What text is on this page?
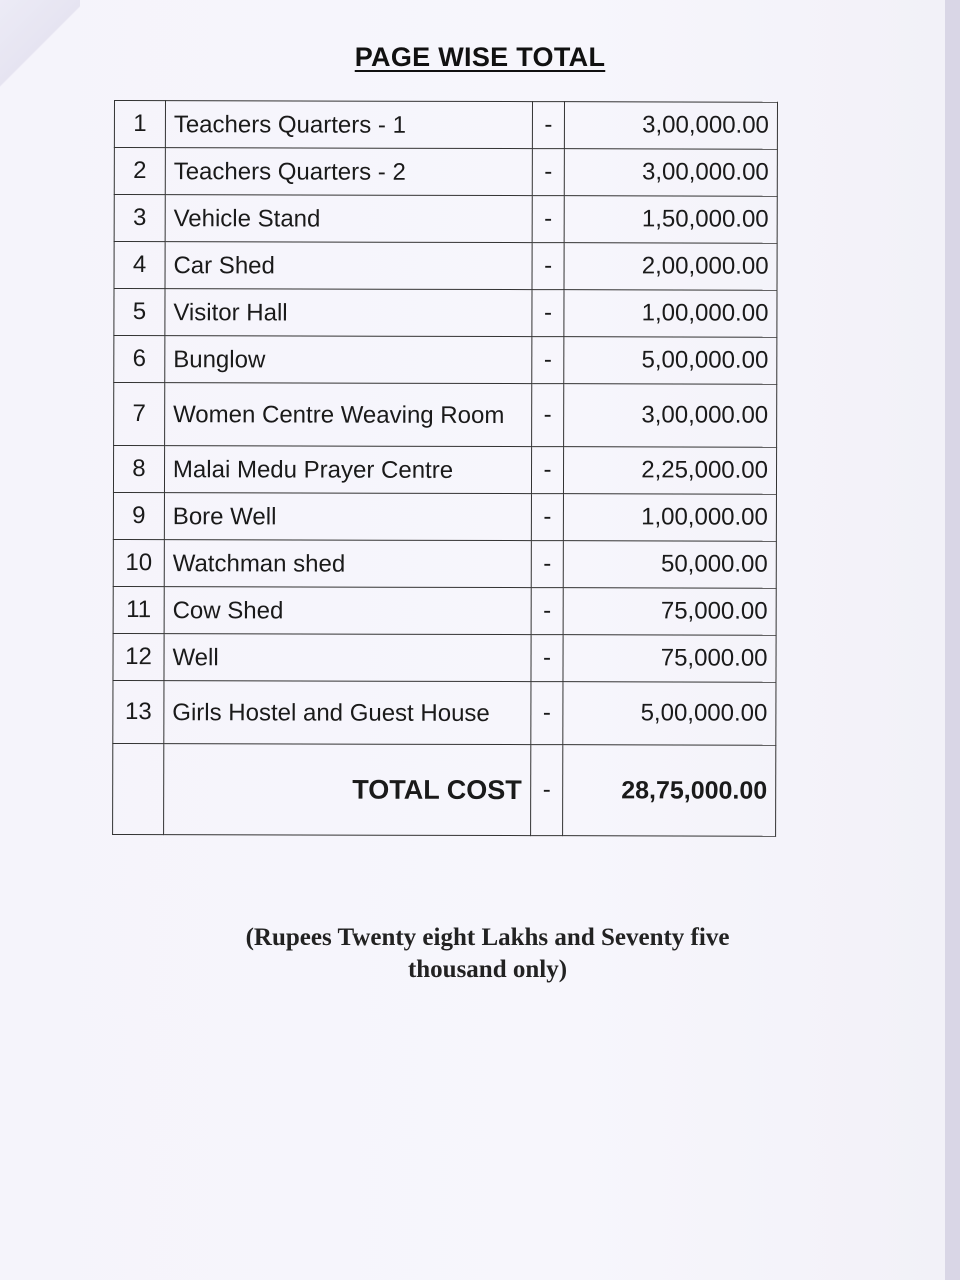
PAGE WISE TOTAL
1	Teachers Quarters - 1	-	3,00,000.00
2	Teachers Quarters - 2	-	3,00,000.00
3	Vehicle Stand	-	1,50,000.00
4	Car Shed	-	2,00,000.00
5	Visitor Hall	-	1,00,000.00
6	Bunglow	-	5,00,000.00
7	Women Centre Weaving Room	-	3,00,000.00
8	Malai Medu Prayer Centre	-	2,25,000.00
9	Bore Well	-	1,00,000.00
10	Watchman shed	-	50,000.00
11	Cow Shed	-	75,000.00
12	Well	-	75,000.00
13	Girls Hostel and Guest House	-	5,00,000.00
	TOTAL COST	-	28,75,000.00
(Rupees Twenty eight Lakhs and Seventy five thousand only)
